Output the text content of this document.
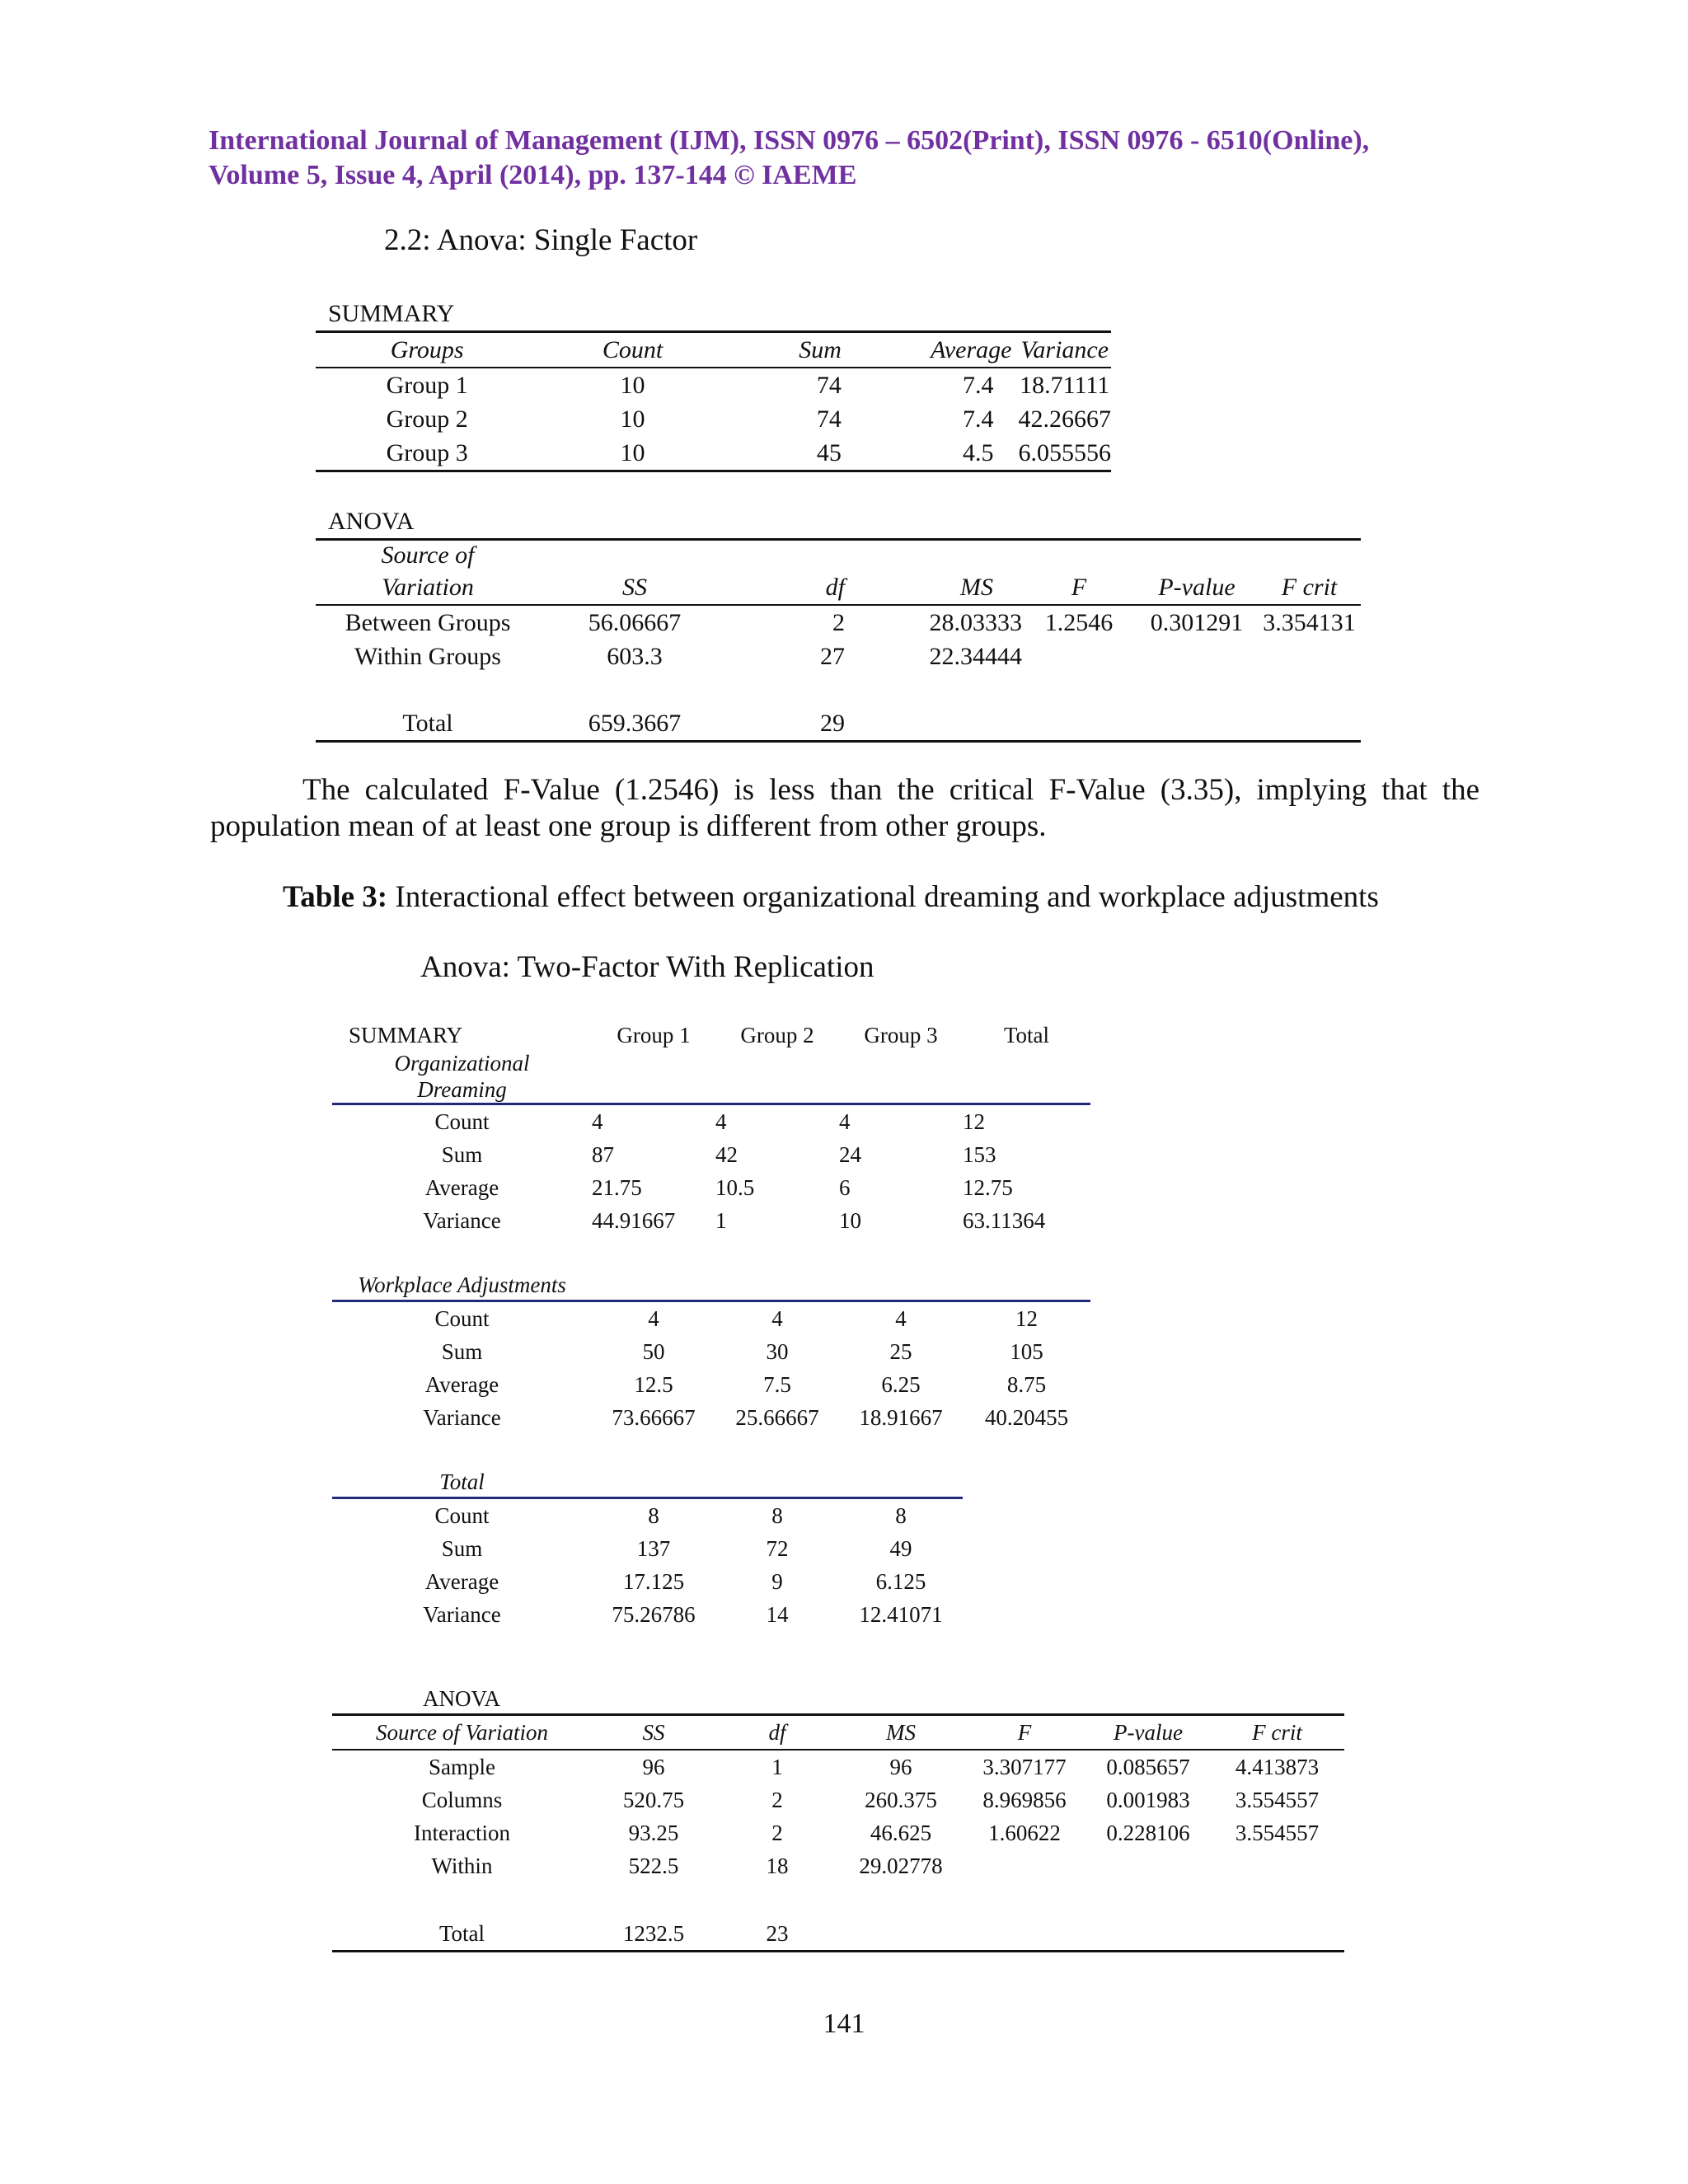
International Journal of Management (IJM), ISSN 0976 – 6502(Print), ISSN 0976 - 6510(Online),
Volume 5, Issue 4, April (2014), pp. 137-144 © IAEME
2.2: Anova: Single Factor
SUMMARY				
Groups	Count	Sum	Average	Variance
Group 1	10	74	7.4	18.71111
Group 2	10	74	7.4	42.26667
Group 3	10	45	4.5	6.055556
ANOVA						
Source of						
Variation	SS	df	MS	F	P-value	F crit
Between Groups	56.06667	2	28.03333	1.2546	0.301291	3.354131
Within Groups	603.3	27	22.34444			

Total	659.3667	29				
The calculated F-Value (1.2546) is less than the critical F-Value (3.35), implying that the population mean of at least one group is different from other groups.
Table 3: Interactional effect between organizational dreaming and workplace adjustments
Anova: Two-Factor With Replication
SUMMARY	Group 1	Group 2	Group 3	Total
Organizational				
Dreaming				
Count	4	4	4	12
Sum	87	42	24	153
Average	21.75	10.5	6	12.75
Variance	44.91667	1	10	63.11364

Workplace Adjustments				
Count	4	4	4	12
Sum	50	30	25	105
Average	12.5	7.5	6.25	8.75
Variance	73.66667	25.66667	18.91667	40.20455

Total				
Count	8	8	8	
Sum	137	72	49	
Average	17.125	9	6.125	
Variance	75.26786	14	12.41071	
ANOVA						
Source of Variation	SS	df	MS	F	P-value	F crit
Sample	96	1	96	3.307177	0.085657	4.413873
Columns	520.75	2	260.375	8.969856	0.001983	3.554557
Interaction	93.25	2	46.625	1.60622	0.228106	3.554557
Within	522.5	18	29.02778			

Total	1232.5	23				
141
